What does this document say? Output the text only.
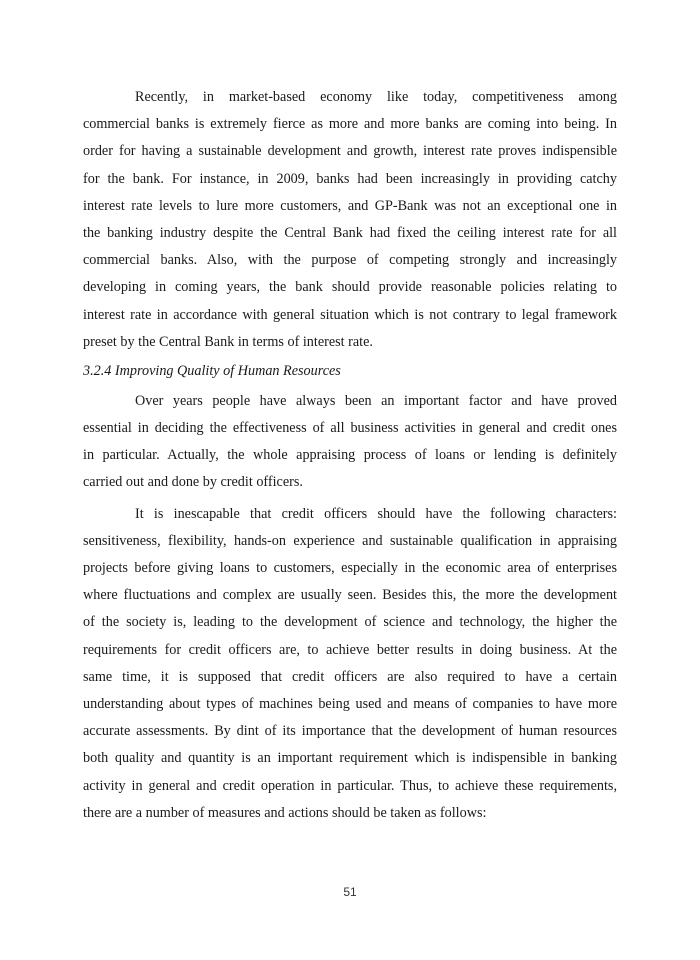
Recently, in market-based economy like today, competitiveness among
commercial banks is extremely fierce as more and more banks are coming into being. In
order for having a sustainable development and growth, interest rate proves indispensible
for the bank. For instance, in 2009, banks had been increasingly in providing catchy
interest rate levels to lure more customers, and GP-Bank was not an exceptional one in
the banking industry despite the Central Bank had fixed the ceiling interest rate for all
commercial banks. Also, with the purpose of competing strongly and increasingly
developing in coming years, the bank should provide reasonable policies relating to
interest rate in accordance with general situation which is not contrary to legal framework
preset by the Central Bank in terms of interest rate.
3.2.4 Improving Quality of Human Resources
Over years people have always been an important factor and have proved
essential in deciding the effectiveness of all business activities in general and credit ones
in particular. Actually, the whole appraising process of loans or lending is definitely
carried out and done by credit officers.
It is inescapable that credit officers should have the following characters:
sensitiveness, flexibility, hands-on experience and sustainable qualification in appraising
projects before giving loans to customers, especially in the economic area of enterprises
where fluctuations and complex are usually seen. Besides this, the more the development
of the society is, leading to the development of science and technology, the higher the
requirements for credit officers are, to achieve better results in doing business. At the
same time, it is supposed that credit officers are also required to have a certain
understanding about types of machines being used and means of companies to have more
accurate assessments. By dint of its importance that the development of human resources
both quality and quantity is an important requirement which is indispensible in banking
activity in general and credit operation in particular. Thus, to achieve these requirements,
there are a number of measures and actions should be taken as follows:
51
